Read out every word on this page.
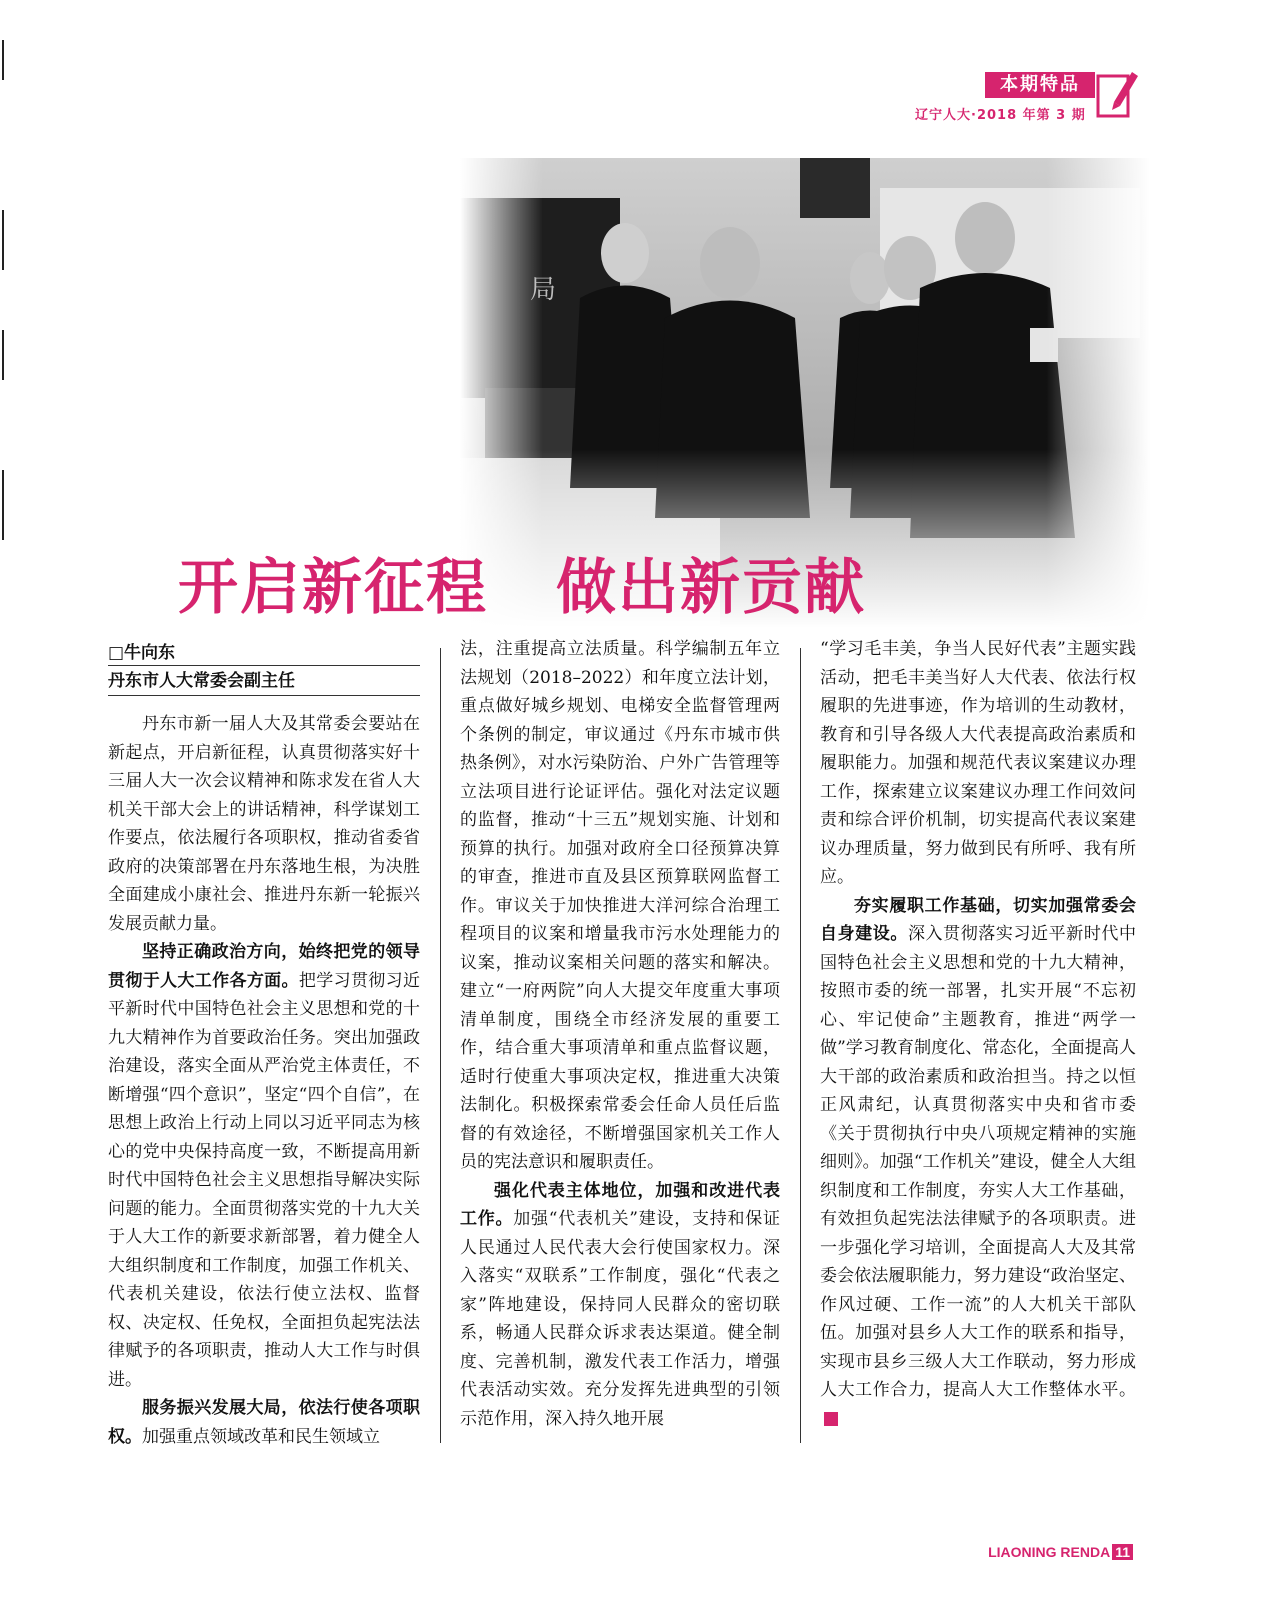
本期特品
辽宁人大·2018 年第 3 期
开启新征程 做出新贡献
□牛向东
丹东市人大常委会副主任

丹东市新一届人大及其常委会要站在新起点，开启新征程，认真贯彻落实好十三届人大一次会议精神和陈求发在省人大机关干部大会上的讲话精神，科学谋划工作要点，依法履行各项职权，推动省委省政府的决策部署在丹东落地生根，为决胜全面建成小康社会、推进丹东新一轮振兴发展贡献力量。

坚持正确政治方向，始终把党的领导贯彻于人大工作各方面。把学习贯彻习近平新时代中国特色社会主义思想和党的十九大精神作为首要政治任务。突出加强政治建设，落实全面从严治党主体责任，不断增强“四个意识”，坚定“四个自信”，在思想上政治上行动上同以习近平同志为核心的党中央保持高度一致，不断提高用新时代中国特色社会主义思想指导解决实际问题的能力。全面贯彻落实党的十九大关于人大工作的新要求新部署，着力健全人大组织制度和工作制度，加强工作机关、代表机关建设，依法行使立法权、监督权、决定权、任免权，全面担负起宪法法律赋予的各项职责，推动人大工作与时俱进。

服务振兴发展大局，依法行使各项职权。加强重点领域改革和民生领域立

法，注重提高立法质量。科学编制五年立法规划（2018–2022）和年度立法计划，重点做好城乡规划、电梯安全监督管理两个条例的制定，审议通过《丹东市城市供热条例》，对水污染防治、户外广告管理等立法项目进行论证评估。强化对法定议题的监督，推动“十三五”规划实施、计划和预算的执行。加强对政府全口径预算决算的审查，推进市直及县区预算联网监督工作。审议关于加快推进大洋河综合治理工程项目的议案和增量我市污水处理能力的议案，推动议案相关问题的落实和解决。建立“一府两院”向人大提交年度重大事项清单制度，围绕全市经济发展的重要工作，结合重大事项清单和重点监督议题，适时行使重大事项决定权，推进重大决策法制化。积极探索常委会任命人员任后监督的有效途径，不断增强国家机关工作人员的宪法意识和履职责任。

强化代表主体地位，加强和改进代表工作。加强“代表机关”建设，支持和保证人民通过人民代表大会行使国家权力。深入落实“双联系”工作制度，强化“代表之家”阵地建设，保持同人民群众的密切联系，畅通人民群众诉求表达渠道。健全制度、完善机制，激发代表工作活力，增强代表活动实效。充分发挥先进典型的引领示范作用，深入持久地开展

“学习毛丰美，争当人民好代表”主题实践活动，把毛丰美当好人大代表、依法行权履职的先进事迹，作为培训的生动教材，教育和引导各级人大代表提高政治素质和履职能力。加强和规范代表议案建议办理工作，探索建立议案建议办理工作问效问责和综合评价机制，切实提高代表议案建议办理质量，努力做到民有所呼、我有所应。

夯实履职工作基础，切实加强常委会自身建设。深入贯彻落实习近平新时代中国特色社会主义思想和党的十九大精神，按照市委的统一部署，扎实开展“不忘初心、牢记使命”主题教育，推进“两学一做”学习教育制度化、常态化，全面提高人大干部的政治素质和政治担当。持之以恒正风肃纪，认真贯彻落实中央和省市委《关于贯彻执行中央八项规定精神的实施细则》。加强“工作机关”建设，健全人大组织制度和工作制度，夯实人大工作基础，有效担负起宪法法律赋予的各项职责。进一步强化学习培训，全面提高人大及其常委会依法履职能力，努力建设“政治坚定、作风过硬、工作一流”的人大机关干部队伍。加强对县乡人大工作的联系和指导，实现市县乡三级人大工作联动，努力形成人大工作合力，提高人大工作整体水平。

LIAONING RENDA 11
